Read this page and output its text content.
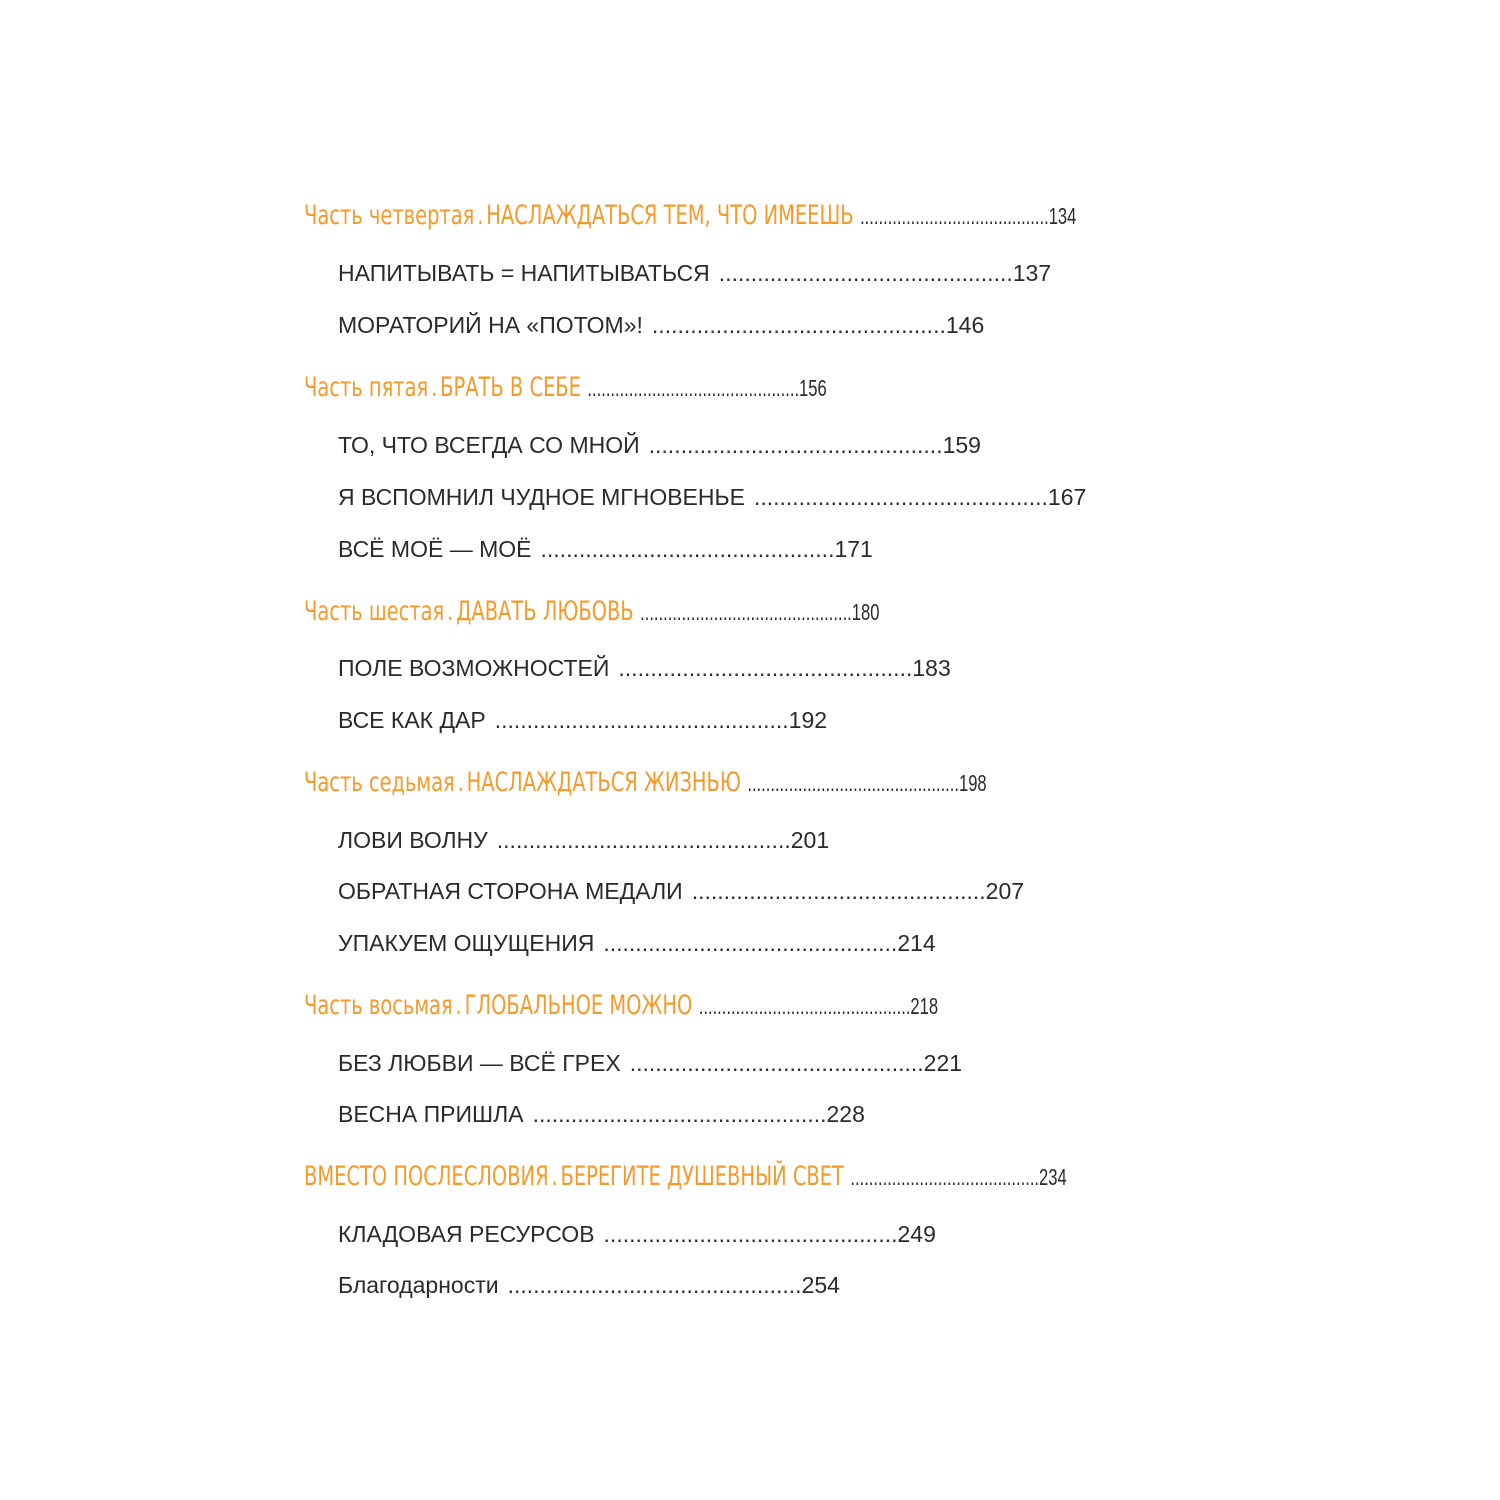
Часть четвертая . НАСЛАЖДАТЬСЯ ТЕМ, ЧТО ИМЕЕШЬ ......................................... 134
НАПИТЫВАТЬ = НАПИТЫВАТЬСЯ .............................................. 137
МОРАТОРИЙ НА «ПОТОМ»! .............................................. 146
Часть пятая . БРАТЬ В СЕБЕ .............................................. 156
ТО, ЧТО ВСЕГДА СО МНОЙ .............................................. 159
Я ВСПОМНИЛ ЧУДНОЕ МГНОВЕНЬЕ .............................................. 167
ВСЁ МОЁ — МОЁ .............................................. 171
Часть шестая . ДАВАТЬ ЛЮБОВЬ .............................................. 180
ПОЛЕ ВОЗМОЖНОСТЕЙ .............................................. 183
ВСЕ КАК ДАР .............................................. 192
Часть седьмая . НАСЛАЖДАТЬСЯ ЖИЗНЬЮ .............................................. 198
ЛОВИ ВОЛНУ .............................................. 201
ОБРАТНАЯ СТОРОНА МЕДАЛИ .............................................. 207
УПАКУЕМ ОЩУЩЕНИЯ .............................................. 214
Часть восьмая . ГЛОБАЛЬНОЕ МОЖНО .............................................. 218
БЕЗ ЛЮБВИ — ВСЁ ГРЕХ .............................................. 221
ВЕСНА ПРИШЛА .............................................. 228
ВМЕСТО ПОСЛЕСЛОВИЯ . БЕРЕГИТЕ ДУШЕВНЫЙ СВЕТ ......................................... 234
КЛАДОВАЯ РЕСУРСОВ .............................................. 249
Благодарности .............................................. 254
